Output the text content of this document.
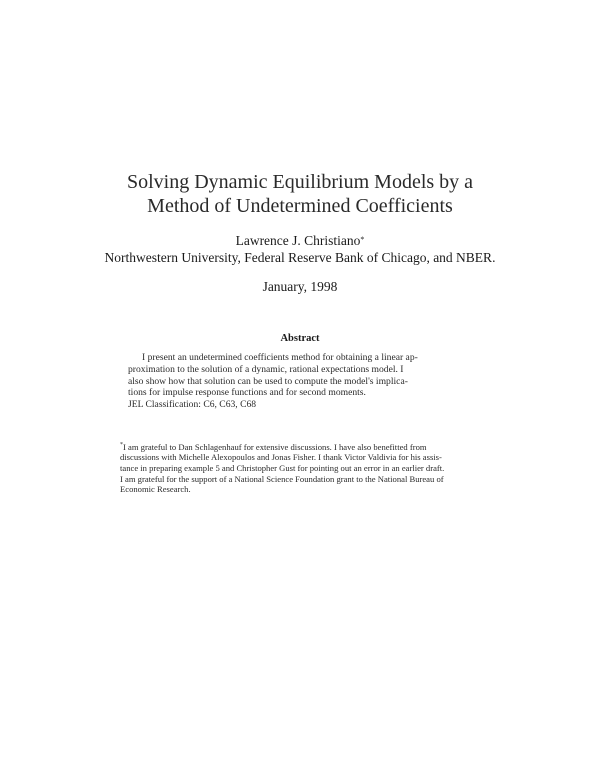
Solving Dynamic Equilibrium Models by a
Method of Undetermined Coefficients
Lawrence J. Christiano*
Northwestern University, Federal Reserve Bank of Chicago, and NBER.
January, 1998
Abstract
I present an undetermined coefficients method for obtaining a linear ap-
proximation to the solution of a dynamic, rational expectations model. I
also show how that solution can be used to compute the model's implica-
tions for impulse response functions and for second moments.
JEL Classification: C6, C63, C68
*I am grateful to Dan Schlagenhauf for extensive discussions. I have also benefitted from
discussions with Michelle Alexopoulos and Jonas Fisher. I thank Victor Valdivia for his assis-
tance in preparing example 5 and Christopher Gust for pointing out an error in an earlier draft.
I am grateful for the support of a National Science Foundation grant to the National Bureau of
Economic Research.
